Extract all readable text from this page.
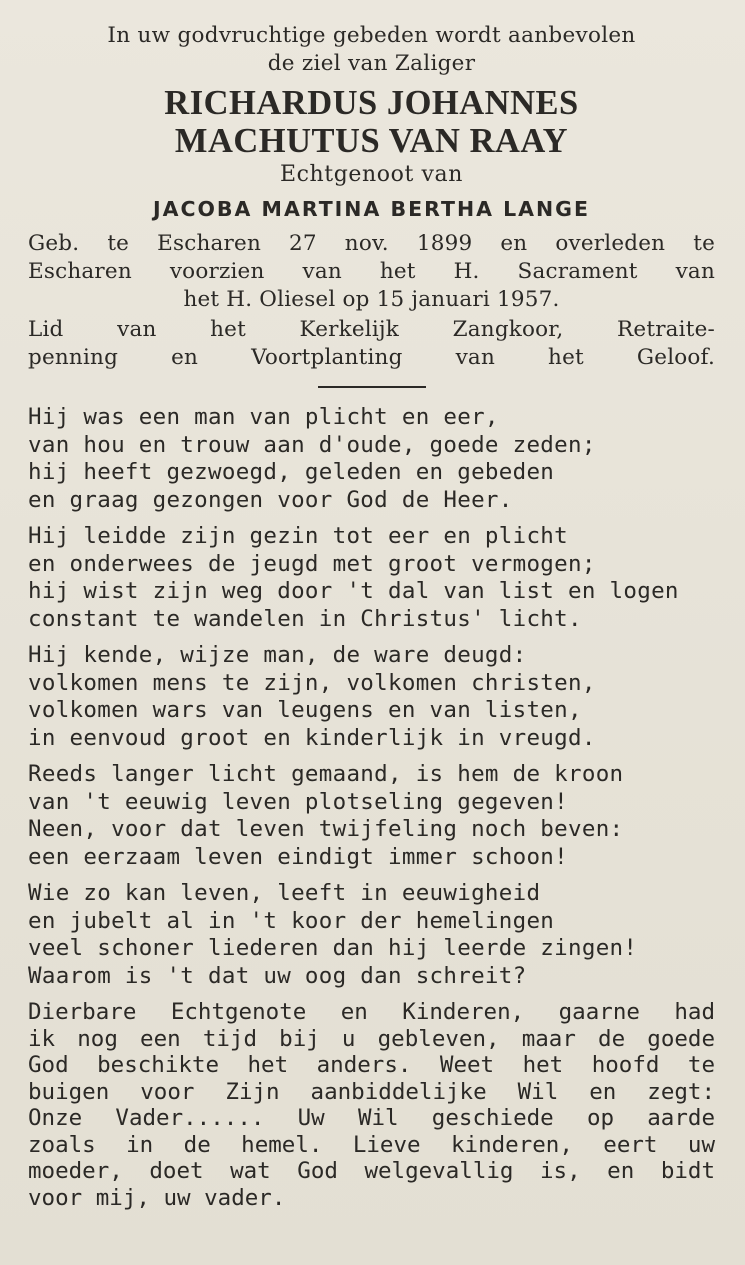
In uw godvruchtige gebeden wordt aanbevolen
de ziel van Zaliger
RICHARDUS JOHANNES
MACHUTUS VAN RAAY
Echtgenoot van
JACOBA MARTINA BERTHA LANGE
Geb. te Escharen 27 nov. 1899 en overleden te
Escharen voorzien van het H. Sacrament van
het H. Oliesel op 15 januari 1957.
Lid van het Kerkelijk Zangkoor, Retraite-
penning en Voortplanting van het Geloof.
Hij was een man van plicht en eer,
van hou en trouw aan d'oude, goede zeden;
hij heeft gezwoegd, geleden en gebeden
en graag gezongen voor God de Heer.
Hij leidde zijn gezin tot eer en plicht
en onderwees de jeugd met groot vermogen;
hij wist zijn weg door 't dal van list en logen
constant te wandelen in Christus' licht.
Hij kende, wijze man, de ware deugd:
volkomen mens te zijn, volkomen christen,
volkomen wars van leugens en van listen,
in eenvoud groot en kinderlijk in vreugd.
Reeds langer licht gemaand, is hem de kroon
van 't eeuwig leven plotseling gegeven!
Neen, voor dat leven twijfeling noch beven:
een eerzaam leven eindigt immer schoon!
Wie zo kan leven, leeft in eeuwigheid
en jubelt al in 't koor der hemelingen
veel schoner liederen dan hij leerde zingen!
Waarom is 't dat uw oog dan schreit?
Dierbare Echtgenote en Kinderen, gaarne had
ik nog een tijd bij u gebleven, maar de goede
God beschikte het anders. Weet het hoofd te
buigen voor Zijn aanbiddelijke Wil en zegt:
Onze Vader...... Uw Wil geschiede op aarde
zoals in de hemel. Lieve kinderen, eert uw
moeder, doet wat God welgevallig is, en bidt
voor mij, uw vader.
